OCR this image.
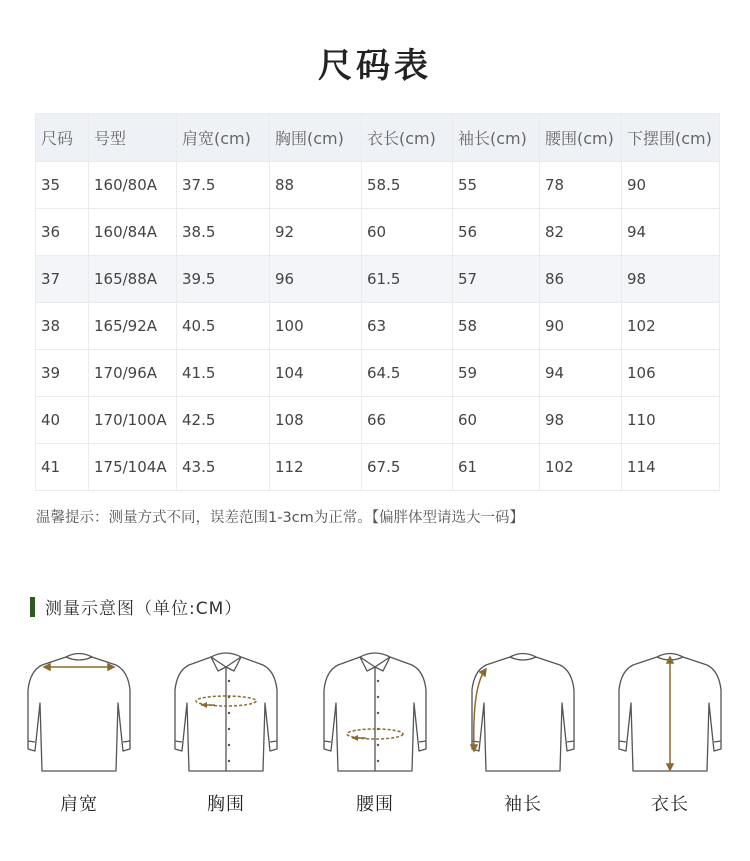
尺码表
尺码	号型	肩宽(cm)	胸围(cm)	衣长(cm)	袖长(cm)	腰围(cm)	下摆围(cm)
35	160/80A	37.5	88	58.5	55	78	90
36	160/84A	38.5	92	60	56	82	94
37	165/88A	39.5	96	61.5	57	86	98
38	165/92A	40.5	100	63	58	90	102
39	170/96A	41.5	104	64.5	59	94	106
40	170/100A	42.5	108	66	60	98	110
41	175/104A	43.5	112	67.5	61	102	114
温馨提示：测量方式不同，误差范围1-3cm为正常。【偏胖体型请选大一码】
测量示意图（单位:CM）
肩宽	胸围	腰围	袖长	衣长
